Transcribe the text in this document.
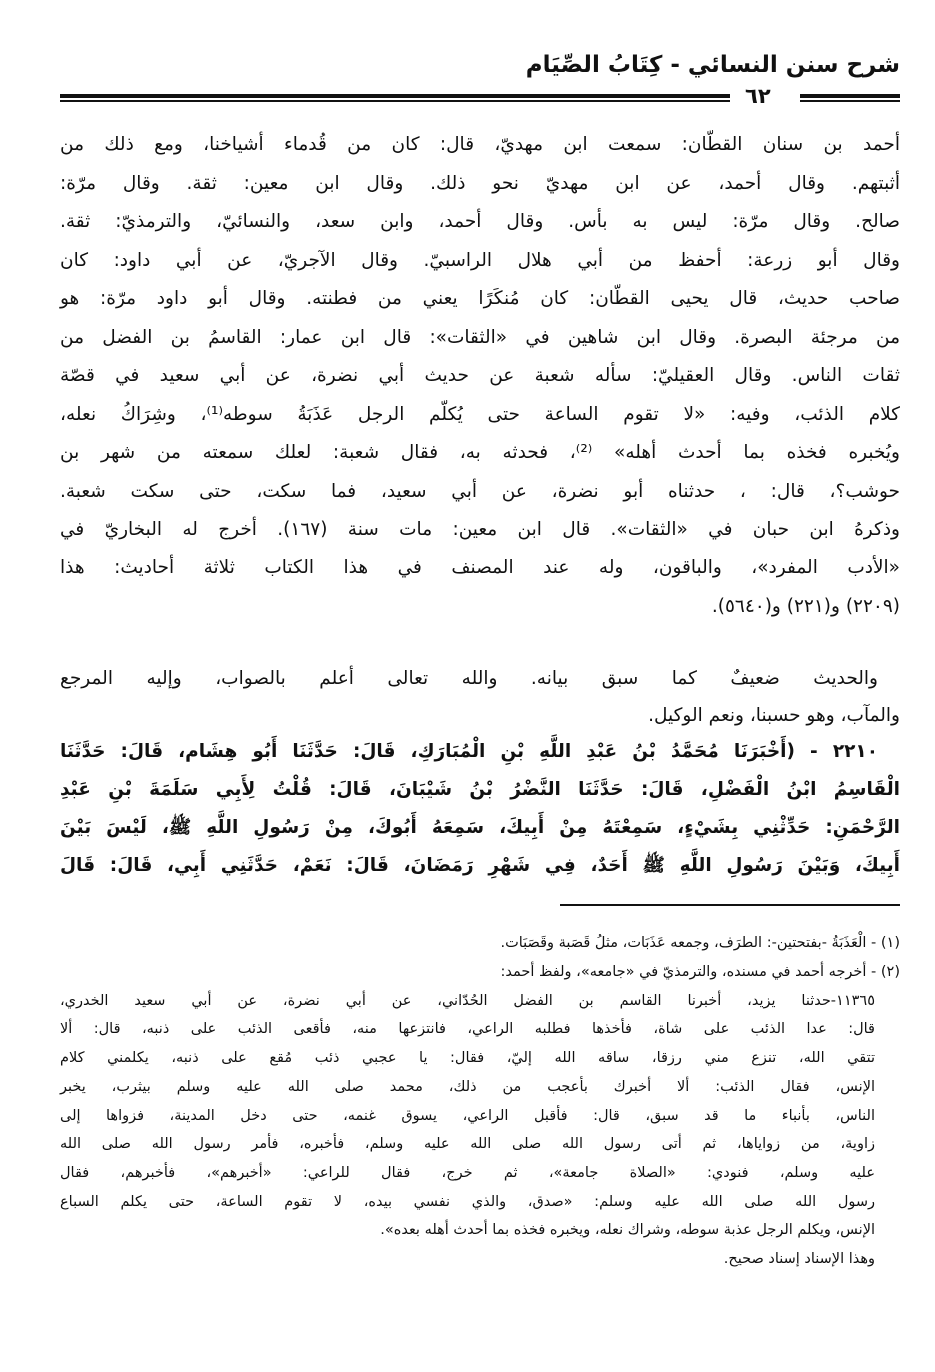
شرح سنن النسائي - كِتَابُ الصِّيَام
٦٢
أحمد بن سنان القطّان: سمعت ابن مهديّ، قال: كان من قُدماء أشياخنا، ومع ذلك من
أثبتهم. وقال أحمد، عن ابن مهديّ نحو ذلك. وقال ابن معين: ثقة. وقال مرّة:
صالح. وقال مرّة: ليس به بأس. وقال أحمد، وابن سعد، والنسائيّ، والترمذيّ: ثقة.
وقال أبو زرعة: أحفظ من أبي هلال الراسبيّ. وقال الآجريّ، عن أبي داود: كان
صاحب حديث، قال يحيى القطّان: كان مُنكَرًا يعني من فطنته. وقال أبو داود مرّة: هو
من مرجئة البصرة. وقال ابن شاهين في «الثقات»: قال ابن عمار: القاسمُ بن الفضل من
ثقات الناس. وقال العقيليّ: سأله شعبة عن حديث أبي نضرة، عن أبي سعيد في قصّة
كلام الذئب، وفيه: «لا تقوم الساعة حتى يُكلّم الرجل عَذَبَةُ سوطه⁽¹⁾، وشِرَاكُ نعله،
ويُخبره فخذه بما أحدث أهله» ⁽²⁾، فحدثه به، فقال شعبة: لعلك سمعته من شهر بن
حوشب؟، قال: ، حدثناه أبو نضرة، عن أبي سعيد، فما سكت، حتى سكت شعبة.
وذكرهُ ابن حبان في «الثقات». قال ابن معين: مات سنة (١٦٧). أخرج له البخاريّ في
«الأدب المفرد»، والباقون، وله عند المصنف في هذا الكتاب ثلاثة أحاديث: هذا
(٢٢٠٩) و(٢٢١) و(٥٦٤٠).
والحديث ضعيفٌ كما سبق بيانه. والله تعالى أعلم بالصواب، وإليه المرجع
والمآب، وهو حسبنا، ونعم الوكيل.
٢٢١٠ - (أَخْبَرَنَا مُحَمَّدُ بْنُ عَبْدِ اللَّهِ بْنِ الْمُبَارَكِ، قَالَ: حَدَّثَنَا أَبُو هِشَام، قَالَ: حَدَّثَنَا
الْقَاسِمُ ابْنُ الْفَضْلِ، قَالَ: حَدَّثَنَا النَّضْرُ بْنُ شَيْبَانَ، قَالَ: قُلْتُ لِأَبِي سَلَمَةَ بْنِ عَبْدِ
الرَّحْمَنِ: حَدِّثْنِي بِشَيْءٍ، سَمِعْتَهُ مِنْ أَبِيكَ، سَمِعَهُ أَبُوكَ، مِنْ رَسُولِ اللَّهِ ﷺ، لَيْسَ بَيْنَ
أَبِيكَ، وَبَيْنَ رَسُولِ اللَّهِ ﷺ أَحَدٌ، فِي شَهْرِ رَمَضَانَ، قَالَ: نَعَمْ، حَدَّثَنِي أَبِي، قَالَ: قَالَ
(١) - الْعَذَبَةُ -بفتحتين-: الطرَف، وجمعه عَذَبَات، مثلُ قَصَبة وقَصَبَات.
(٢) - أخرجه أحمد في مسنده، والترمذيّ في «جامعه»، ولفظ أحمد:
١١٣٦٥-حدثنا يزيد، أخبرنا القاسم بن الفضل الحُدّاني، عن أبي نضرة، عن أبي سعيد الخدري،
قال: عدا الذئب على شاة، فأخذها فطلبه الراعي، فانتزعها منه، فأقعى الذئب على ذنبه، قال: ألا
تتقي الله، تنزع مني رزقا، ساقه الله إليّ، فقال: يا عجبي ذئب مُقع على ذنبه، يكلمني كلام
الإنس، فقال الذئب: ألا أخبرك بأعجب من ذلك، محمد صلى الله عليه وسلم بيثرب، يخبر
الناس، بأنباء ما قد سبق، قال: فأقبل الراعي، يسوق غنمه، حتى دخل المدينة، فزواها إلى
زاوية، من زواياها، ثم أتى رسول الله صلى الله عليه وسلم، فأخبره، فأمر رسول الله صلى الله
عليه وسلم، فنودي: «الصلاة جامعة»، ثم خرج، فقال للراعي: «أخبرهم»، فأخبرهم، فقال
رسول الله صلى الله عليه وسلم: «صدق، والذي نفسي بيده، لا تقوم الساعة، حتى يكلم السباع
الإنس، ويكلم الرجل عذبة سوطه، وشراك نعله، ويخبره فخذه بما أحدث أهله بعده».
وهذا الإسناد إسناد صحيح.
